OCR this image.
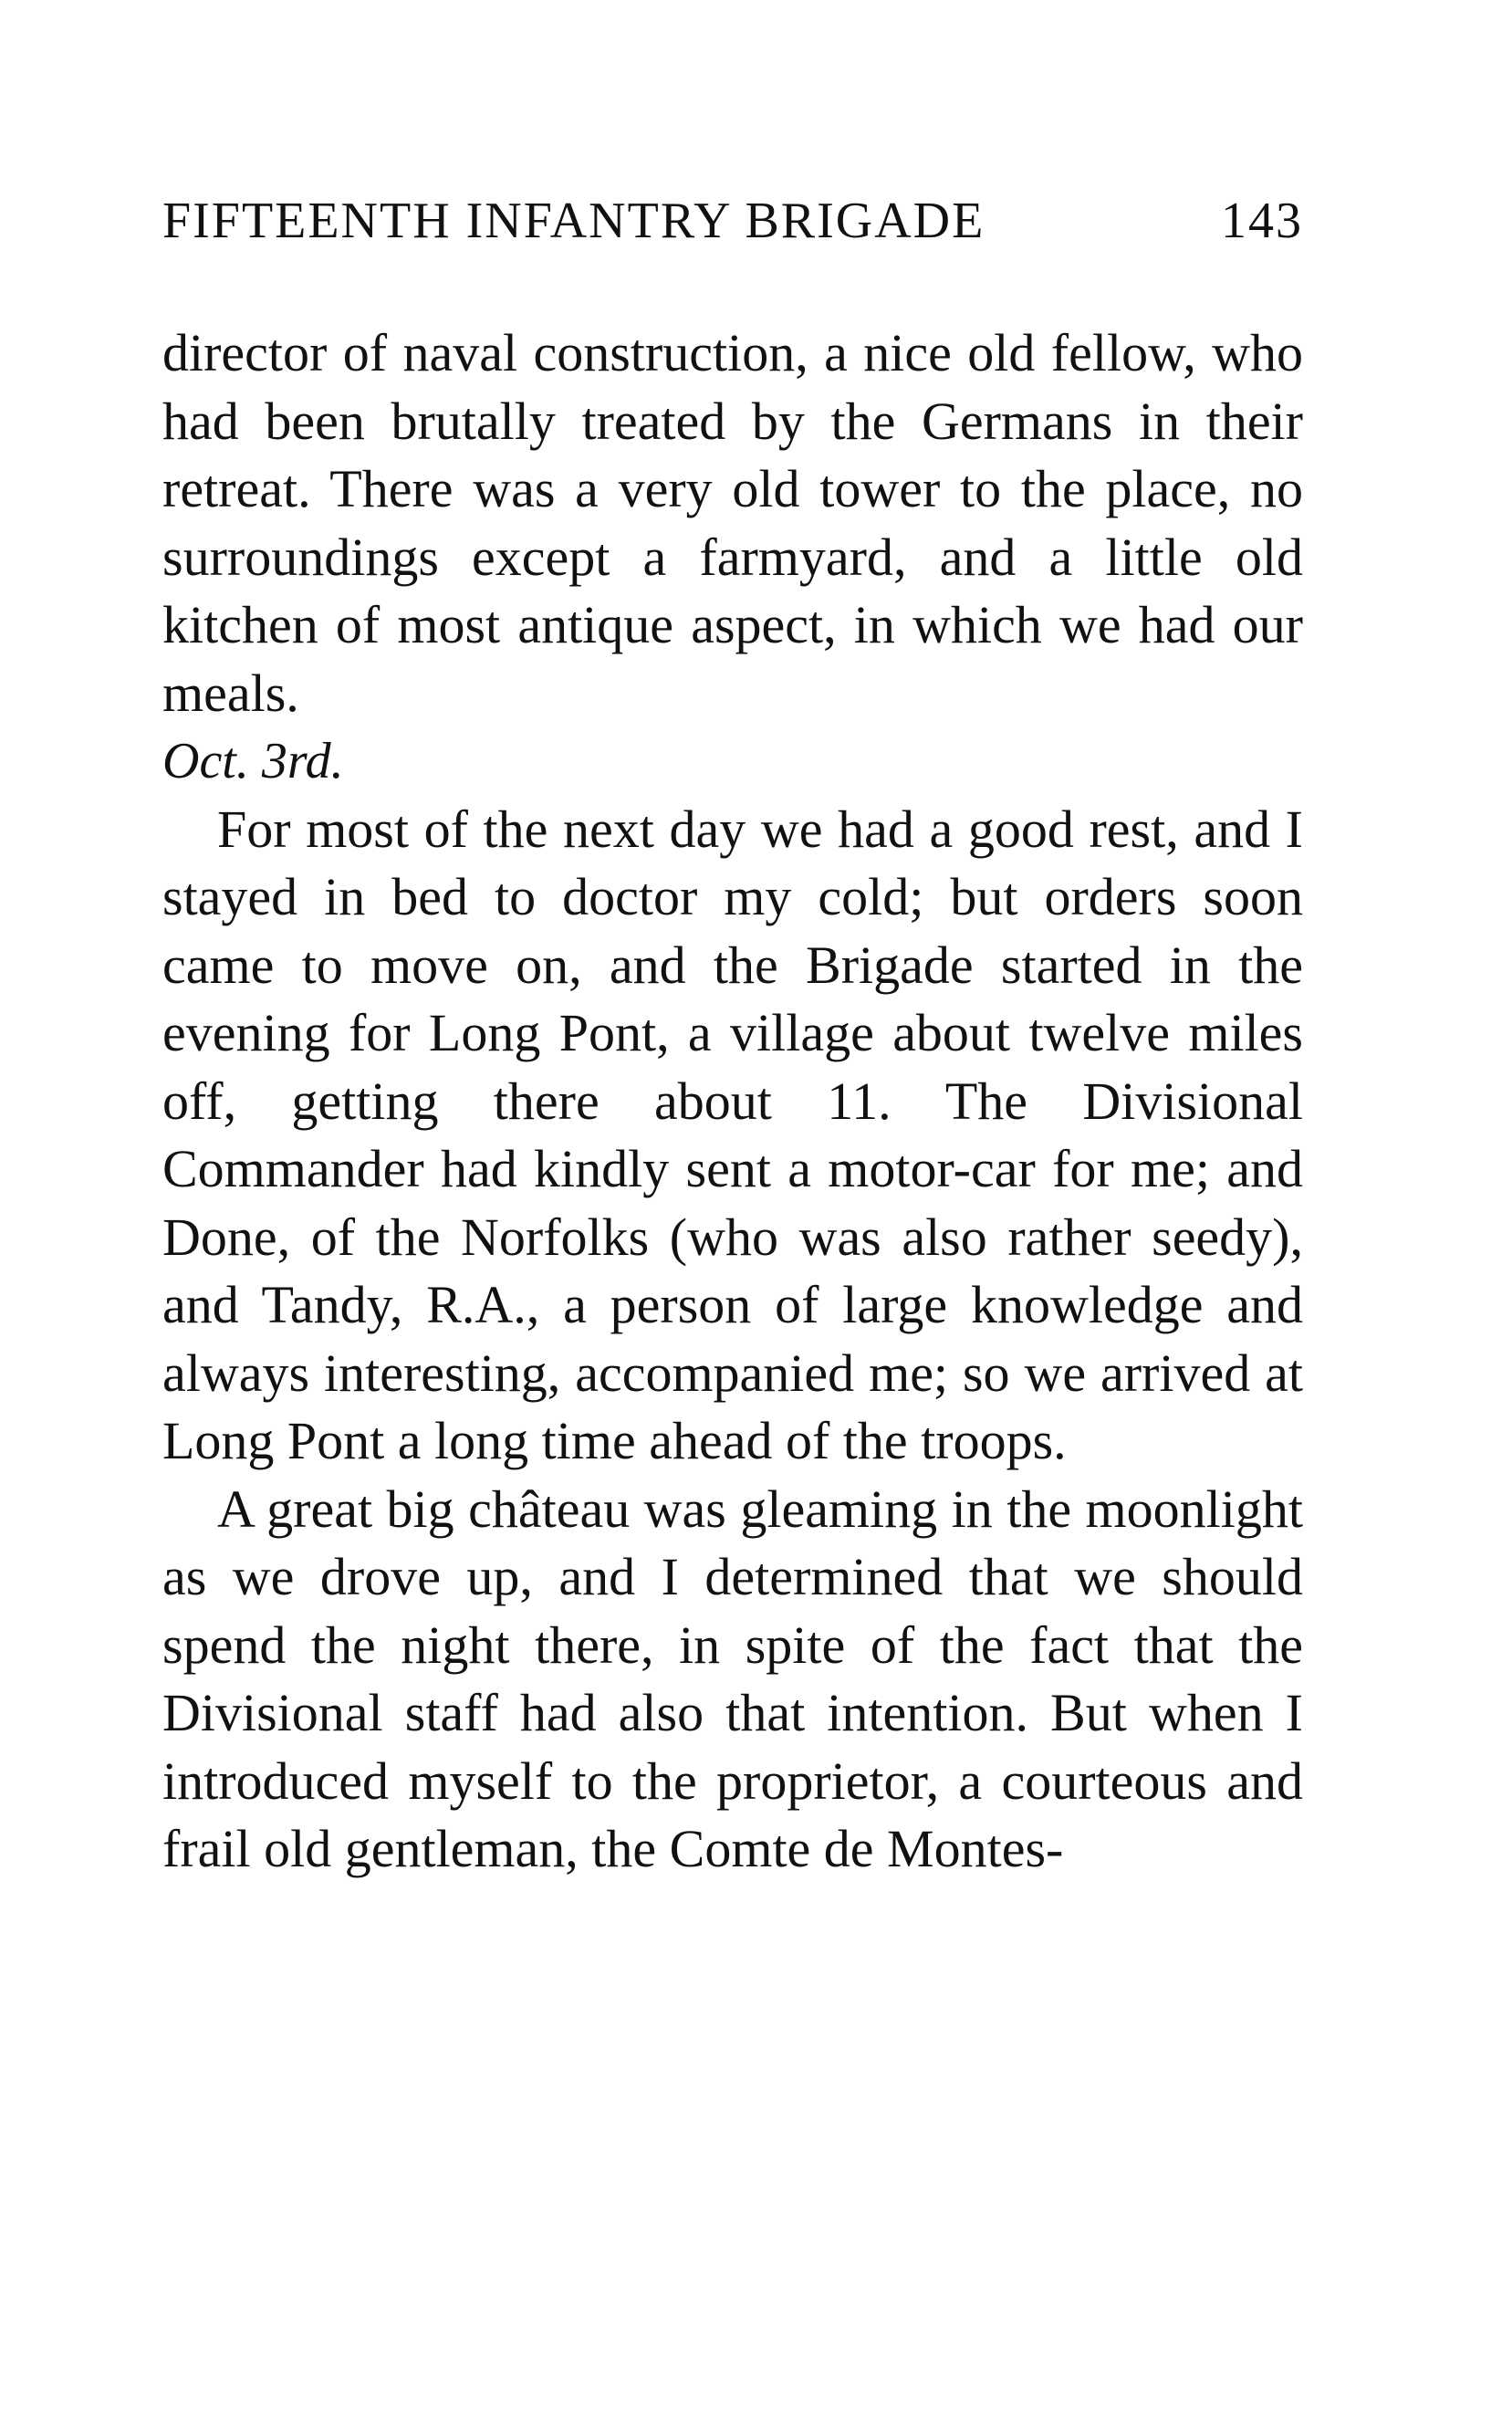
FIFTEENTH INFANTRY BRIGADE	143

director of naval construction, a nice old fellow, who had been brutally treated by the Germans in their retreat. There was a very old tower to the place, no surroundings except a farmyard, and a little old kitchen of most antique aspect, in which we had our meals.

Oct. 3rd.

For most of the next day we had a good rest, and I stayed in bed to doctor my cold; but orders soon came to move on, and the Brigade started in the evening for Long Pont, a village about twelve miles off, getting there about 11. The Divisional Commander had kindly sent a motor-car for me; and Done, of the Norfolks (who was also rather seedy), and Tandy, R.A., a person of large knowledge and always interesting, accompanied me; so we arrived at Long Pont a long time ahead of the troops.

A great big château was gleaming in the moonlight as we drove up, and I determined that we should spend the night there, in spite of the fact that the Divisional staff had also that intention. But when I introduced myself to the proprietor, a courteous and frail old gentleman, the Comte de Montes-
